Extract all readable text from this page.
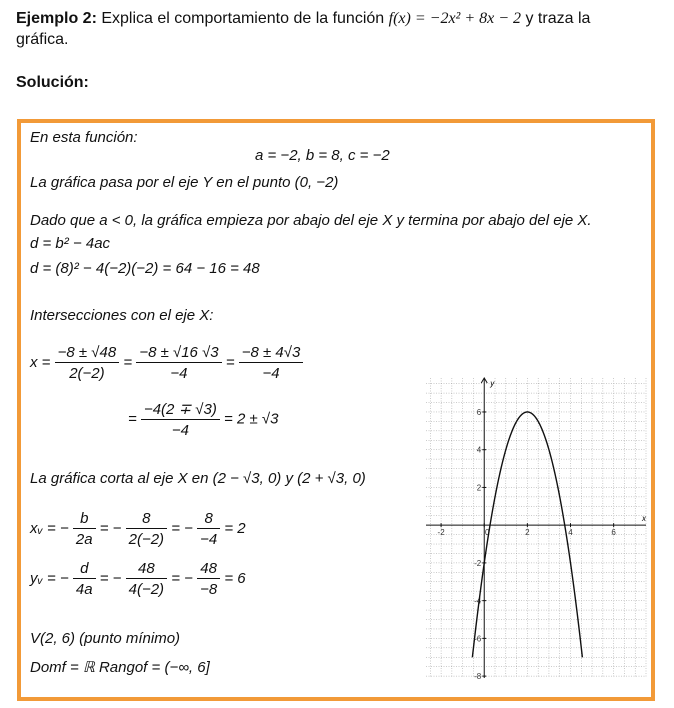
Ejemplo 2: Explica el comportamiento de la función f(x) = −2x² + 8x − 2 y traza la
gráfica.
Solución:
En esta función:
a = −2, b = 8, c = −2
La gráfica pasa por el eje Y en el punto (0, −2)
Dado que a < 0, la gráfica empieza por abajo del eje X y termina por abajo del eje X.
d = b² − 4ac
d = (8)² − 4(−2)(−2) = 64 − 16 = 48
Intersecciones con el eje X:
$x = \frac{-8 \pm √48}{2(-2)} = \frac{-8 \pm √16 √3}{-4} = \frac{-8 \pm 4√3}{-4}$
= $\frac{-4(2 \mp √3)}{-4} = 2 \pm √3$
La gráfica corta al eje X en (2 − √3, 0) y (2 + √3, 0)
xᵥ = − $\frac{b}{2a}$ = − $\frac{8}{2(-2)}$ = − $\frac{8}{-4} = 2$
yᵥ = − $\frac{d}{4a}$ = − $\frac{48}{4(-2)}$ = − $\frac{48}{-8} = 6$
V(2, 6) (punto mínimo)
Domf = ℝ Rangof = (−∞, 6]
-2	0	2	4	6
-8
-6
-4
-2
2
4
6
x
y
